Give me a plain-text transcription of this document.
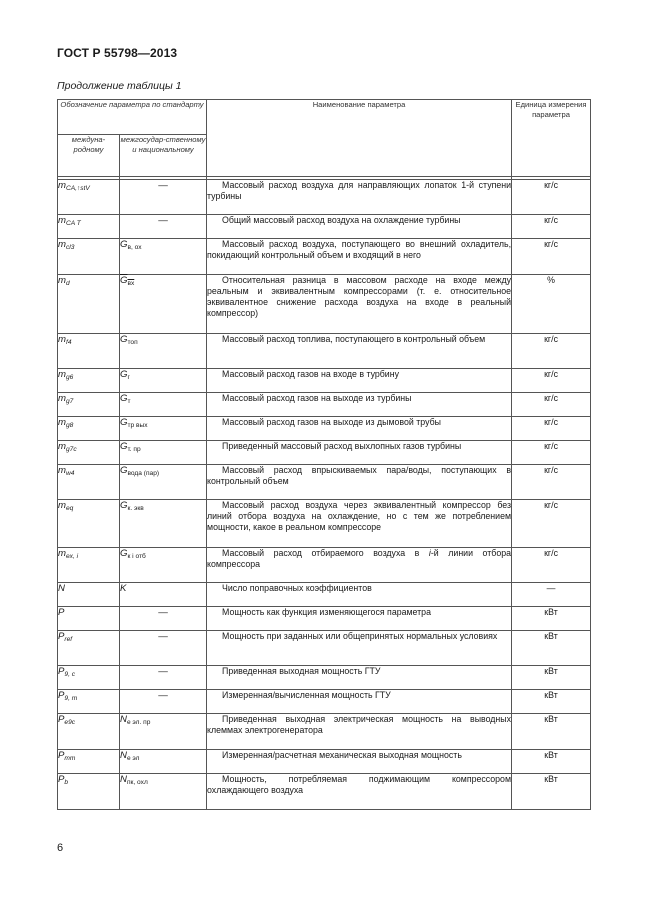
ГОСТ Р 55798—2013
Продолжение таблицы 1
Обозначение параметра по стандарту		Наименование параметра	Единица измерения параметра
междуна-родному	межгосудар-ственному и национальному		

$m_{CA,↑stV}$	—	Массовый расход воздуха для направляющих лопаток 1-й ступени турбины	кг/с
$m_{CA T}$	—	Общий массовый расход воздуха на охлаждение турбины	кг/с
$m_{cl3}$	$G_{в, ох}$	Массовый расход воздуха, поступающего во внешний охладитель, покидающий контрольный объем и входящий в него	кг/с
$m_d$	$G_{вх}$	Относительная разница в массовом расходе на входе между реальным и эквивалентным компрессорами (т. е. относительное эквивалентное снижение расхода воздуха на входе в реальный компрессор)	%
$m_{f4}$	$G_{топ}$	Массовый расход топлива, поступающего в контрольный объем	кг/с
$m_{g6}$	$G_г$	Массовый расход газов на входе в турбину	кг/с
$m_{g7}$	$G_т$	Массовый расход газов на выходе из турбины	кг/с
$m_{g8}$	$G_{тр вых}$	Массовый расход газов на выходе из дымовой трубы	кг/с
$m_{g7c}$	$G_{т. пр}$	Приведенный массовый расход выхлопных газов турбины	кг/с
$m_{w4}$	$G_{вода (пар)}$	Массовый расход впрыскиваемых пара/воды, поступающих в контрольный объем	кг/с
$m_{eq}$	$G_{к. экв}$	Массовый расход воздуха через эквивалентный компрессор без линий отбора воздуха на охлаждение, но с тем же потреблением мощности, какое в реальном компрессоре	кг/с
$m_{ex, i}$	$G_{к i отб}$	Массовый расход отбираемого воздуха в i-й линии отбора компрессора	кг/с
N	K	Число поправочных коэффициентов	—
P	—	Мощность как функция изменяющегося параметра	кВт
$P_{ref}$	—	Мощность при заданных или общепринятых нормальных условиях	кВт
$P_{9, c}$	—	Приведенная выходная мощность ГТУ	кВт
$P_{9, m}$	—	Измеренная/вычисленная мощность ГТУ	кВт
$P_{e9c}$	$N_{е эл. пр}$	Приведенная выходная электрическая мощность на выводных клеммах электрогенератора	кВт
$P_{mm}$	$N_{е эл}$	Измеренная/расчетная механическая выходная мощность	кВт
$P_b$	$N_{пк, охл}$	Мощность, потребляемая поджимающим компрессором охлаждающего воздуха	кВт
6
